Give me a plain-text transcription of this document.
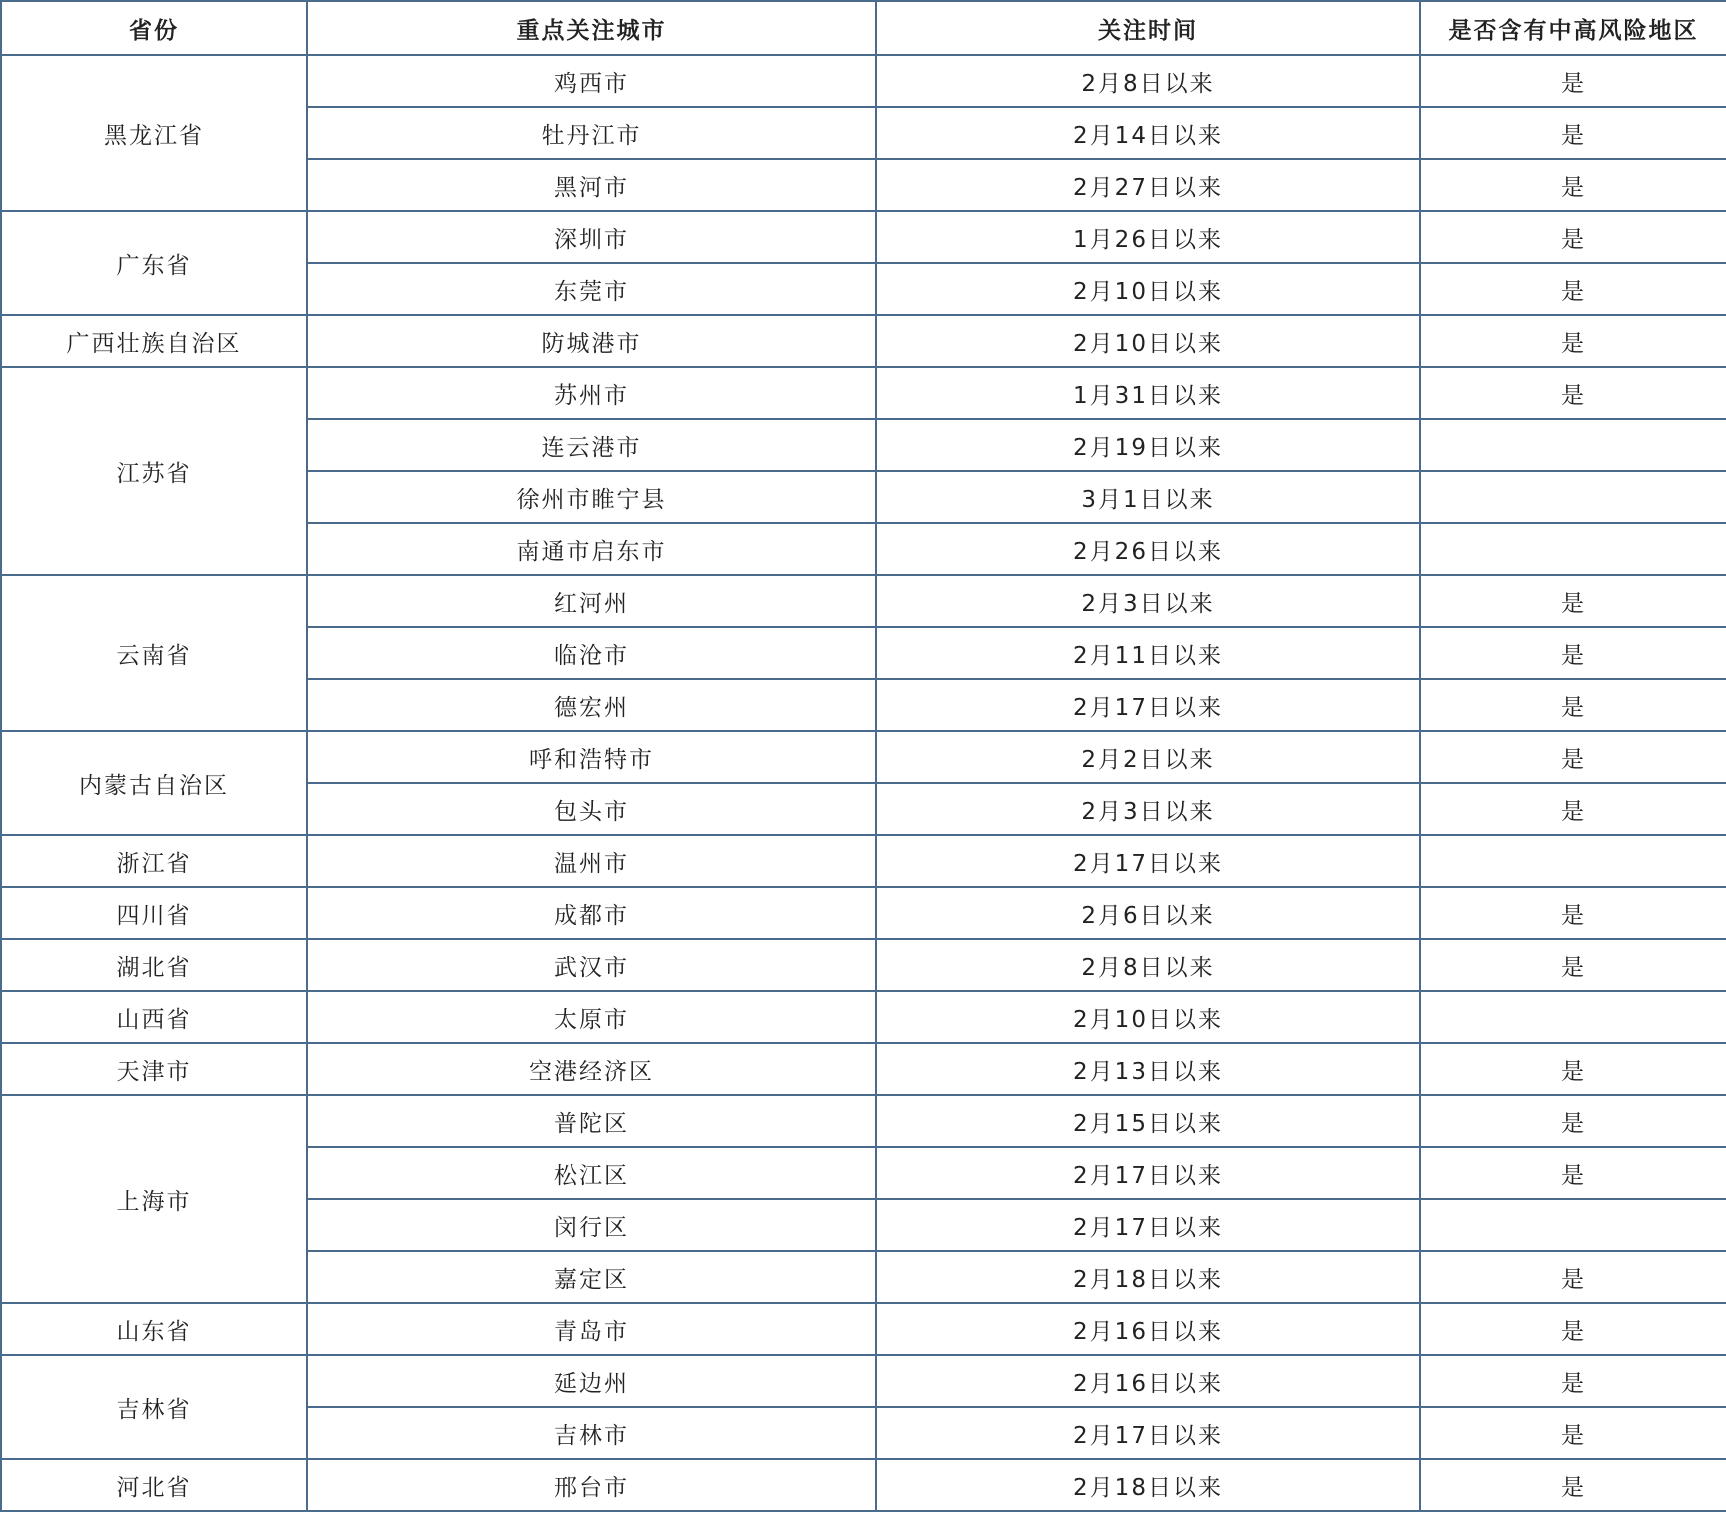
省份	重点关注城市	关注时间	是否含有中高风险地区
黑龙江省	鸡西市	2月8日以来	是
	牡丹江市	2月14日以来	是
	黑河市	2月27日以来	是
广东省	深圳市	1月26日以来	是
	东莞市	2月10日以来	是
广西壮族自治区	防城港市	2月10日以来	是
江苏省	苏州市	1月31日以来	是
	连云港市	2月19日以来	
	徐州市睢宁县	3月1日以来	
	南通市启东市	2月26日以来	
云南省	红河州	2月3日以来	是
	临沧市	2月11日以来	是
	德宏州	2月17日以来	是
内蒙古自治区	呼和浩特市	2月2日以来	是
	包头市	2月3日以来	是
浙江省	温州市	2月17日以来	
四川省	成都市	2月6日以来	是
湖北省	武汉市	2月8日以来	是
山西省	太原市	2月10日以来	
天津市	空港经济区	2月13日以来	是
上海市	普陀区	2月15日以来	是
	松江区	2月17日以来	是
	闵行区	2月17日以来	
	嘉定区	2月18日以来	是
山东省	青岛市	2月16日以来	是
吉林省	延边州	2月16日以来	是
	吉林市	2月17日以来	是
河北省	邢台市	2月18日以来	是
